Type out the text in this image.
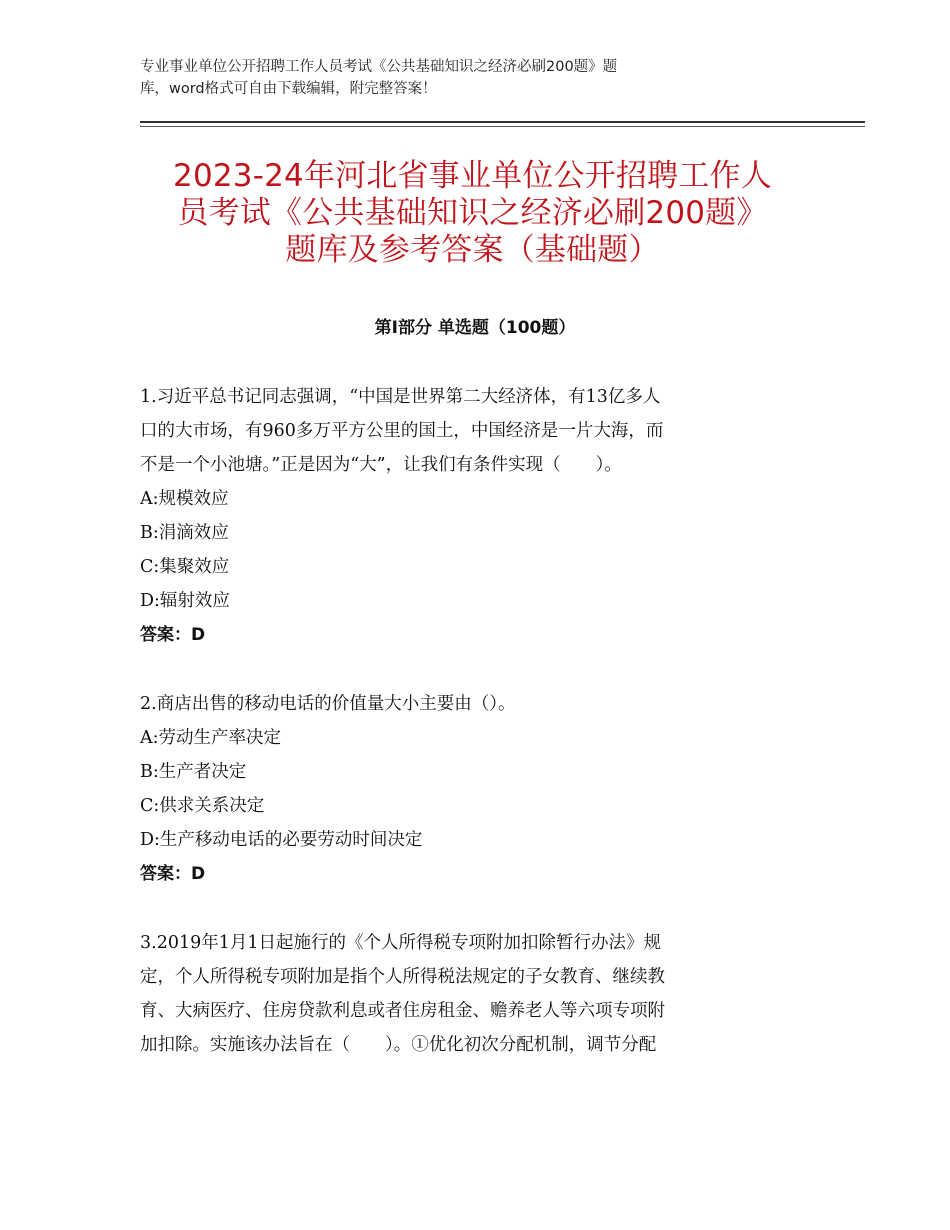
专业事业单位公开招聘工作人员考试《公共基础知识之经济必刷200题》题
库，word格式可自由下载编辑，附完整答案！
2023-24年河北省事业单位公开招聘工作人
员考试《公共基础知识之经济必刷200题》
题库及参考答案（基础题）
第Ⅰ部分 单选题（100题）
1.习近平总书记同志强调，“中国是世界第二大经济体，有13亿多人
口的大市场，有960多万平方公里的国土，中国经济是一片大海，而
不是一个小池塘。”正是因为“大”，让我们有条件实现（　　）。
A:规模效应
B:涓滴效应
C:集聚效应
D:辐射效应
答案：D
2.商店出售的移动电话的价值量大小主要由（）。
A:劳动生产率决定
B:生产者决定
C:供求关系决定
D:生产移动电话的必要劳动时间决定
答案：D
3.2019年1月1日起施行的《个人所得税专项附加扣除暂行办法》规
定，个人所得税专项附加是指个人所得税法规定的子女教育、继续教
育、大病医疗、住房贷款利息或者住房租金、赡养老人等六项专项附
加扣除。实施该办法旨在（　　）。①优化初次分配机制，调节分配
